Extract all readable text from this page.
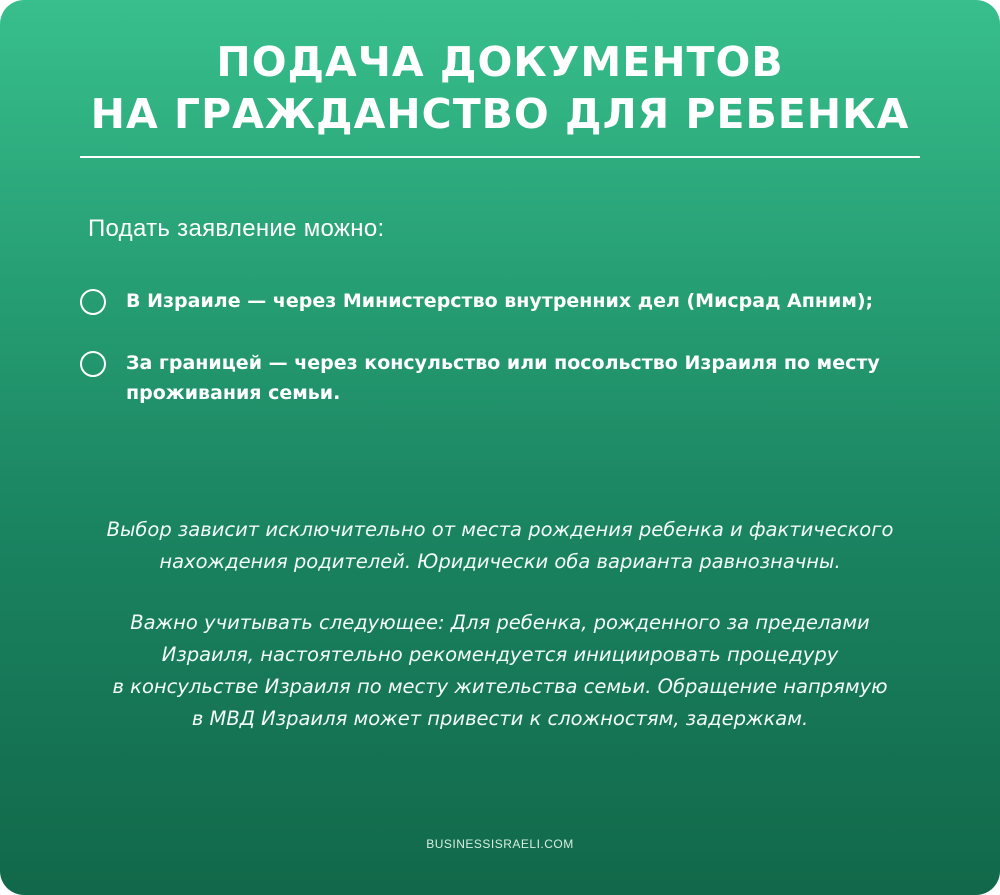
ПОДАЧА ДОКУМЕНТОВ
НА ГРАЖДАНСТВО ДЛЯ РЕБЕНКА
Подать заявление можно:
В Израиле — через Министерство внутренних дел (Мисрад Апним);
За границей — через консульство или посольство Израиля по месту
проживания семьи.

Выбор зависит исключительно от места рождения ребенка и фактического
нахождения родителей. Юридически оба варианта равнозначны.

Важно учитывать следующее: Для ребенка, рожденного за пределами
Израиля, настоятельно рекомендуется инициировать процедуру
в консульстве Израиля по месту жительства семьи. Обращение напрямую
в МВД Израиля может привести к сложностям, задержкам.

BUSINESSISRAELI.COM
